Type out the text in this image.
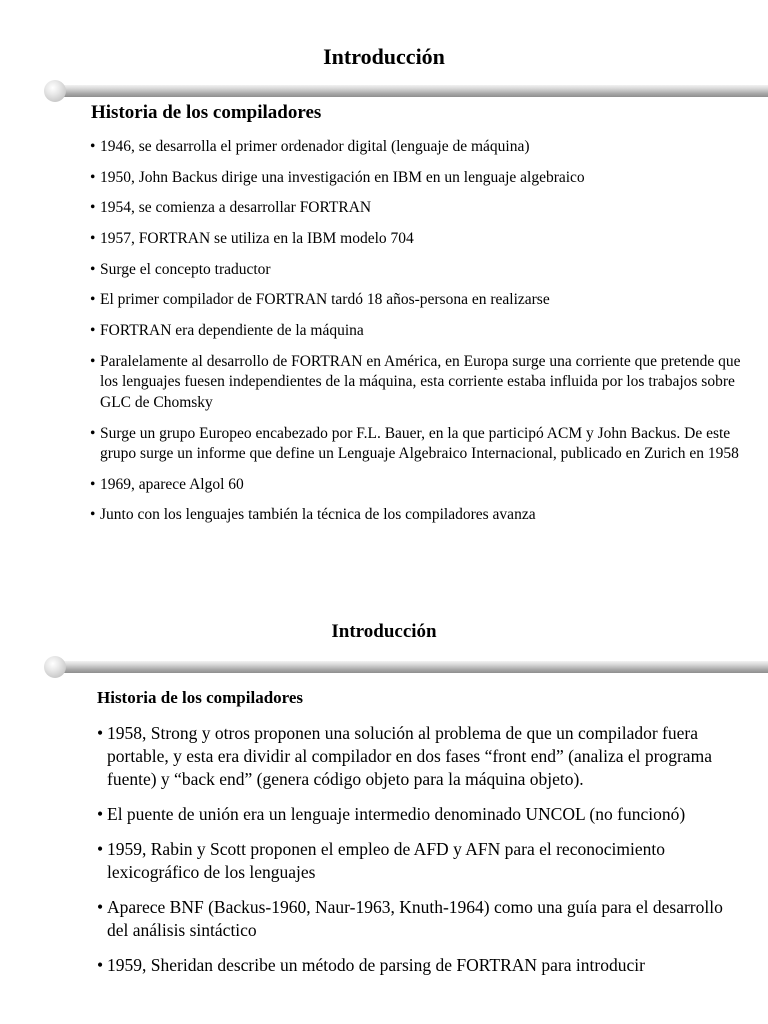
Introducción
Historia de los compiladores
• 1946, se desarrolla el primer ordenador digital (lenguaje de máquina)
• 1950, John Backus dirige una investigación en IBM en un lenguaje algebraico
• 1954, se comienza a desarrollar FORTRAN
• 1957, FORTRAN se utiliza en la IBM modelo 704
• Surge el concepto traductor
• El primer compilador de FORTRAN tardó 18 años-persona en realizarse
• FORTRAN era dependiente de la máquina
• Paralelamente al desarrollo de FORTRAN en América, en Europa surge una corriente que pretende que los lenguajes fuesen independientes de la máquina, esta corriente estaba influida por los trabajos sobre GLC de Chomsky
• Surge un grupo Europeo encabezado por F.L. Bauer, en la que participó ACM y John Backus. De este grupo surge un informe que define un Lenguaje Algebraico Internacional, publicado en Zurich en 1958
• 1969, aparece Algol 60
• Junto con los lenguajes también la técnica de los compiladores avanza
Introducción
Historia de los compiladores
• 1958, Strong y otros proponen una solución al problema de que un compilador fuera portable, y esta era dividir al compilador en dos fases “front end” (analiza el programa fuente) y “back end” (genera código objeto para la máquina objeto).
• El puente de unión era un lenguaje intermedio denominado UNCOL (no funcionó)
• 1959, Rabin y Scott proponen el empleo de AFD y AFN para el reconocimiento lexicográfico de los lenguajes
• Aparece BNF (Backus-1960, Naur-1963, Knuth-1964) como una guía para el desarrollo del análisis sintáctico
• 1959, Sheridan describe un método de parsing de FORTRAN para introducir
